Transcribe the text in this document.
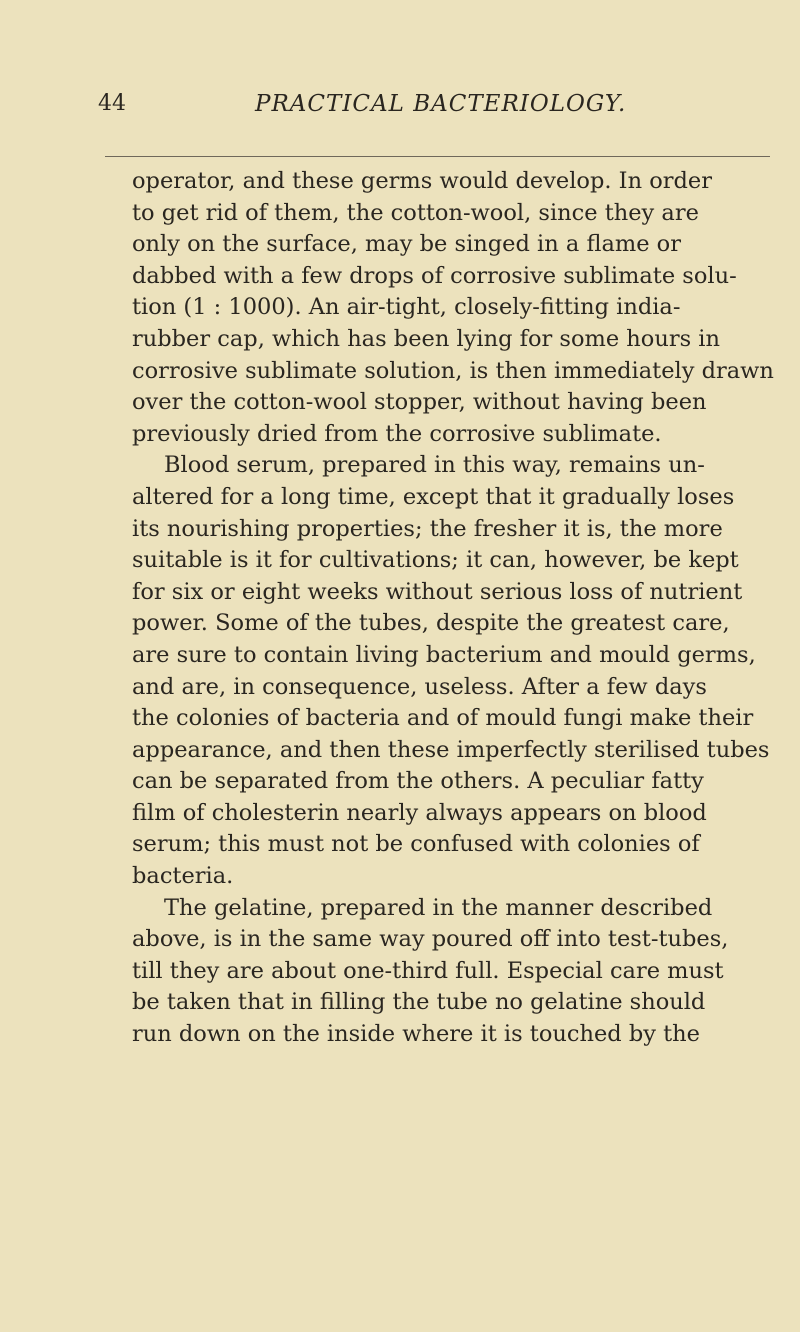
44	PRACTICAL BACTERIOLOGY.
operator, and these germs would develop. In order
to get rid of them, the cotton-wool, since they are
only on the surface, may be singed in a flame or
dabbed with a few drops of corrosive sublimate solu-
tion (1 : 1000). An air-tight, closely-fitting india-
rubber cap, which has been lying for some hours in
corrosive sublimate solution, is then immediately drawn
over the cotton-wool stopper, without having been
previously dried from the corrosive sublimate.
Blood serum, prepared in this way, remains un-
altered for a long time, except that it gradually loses
its nourishing properties; the fresher it is, the more
suitable is it for cultivations; it can, however, be kept
for six or eight weeks without serious loss of nutrient
power. Some of the tubes, despite the greatest care,
are sure to contain living bacterium and mould germs,
and are, in consequence, useless. After a few days
the colonies of bacteria and of mould fungi make their
appearance, and then these imperfectly sterilised tubes
can be separated from the others. A peculiar fatty
film of cholesterin nearly always appears on blood
serum; this must not be confused with colonies of
bacteria.
The gelatine, prepared in the manner described
above, is in the same way poured off into test-tubes,
till they are about one-third full. Especial care must
be taken that in filling the tube no gelatine should
run down on the inside where it is touched by the
